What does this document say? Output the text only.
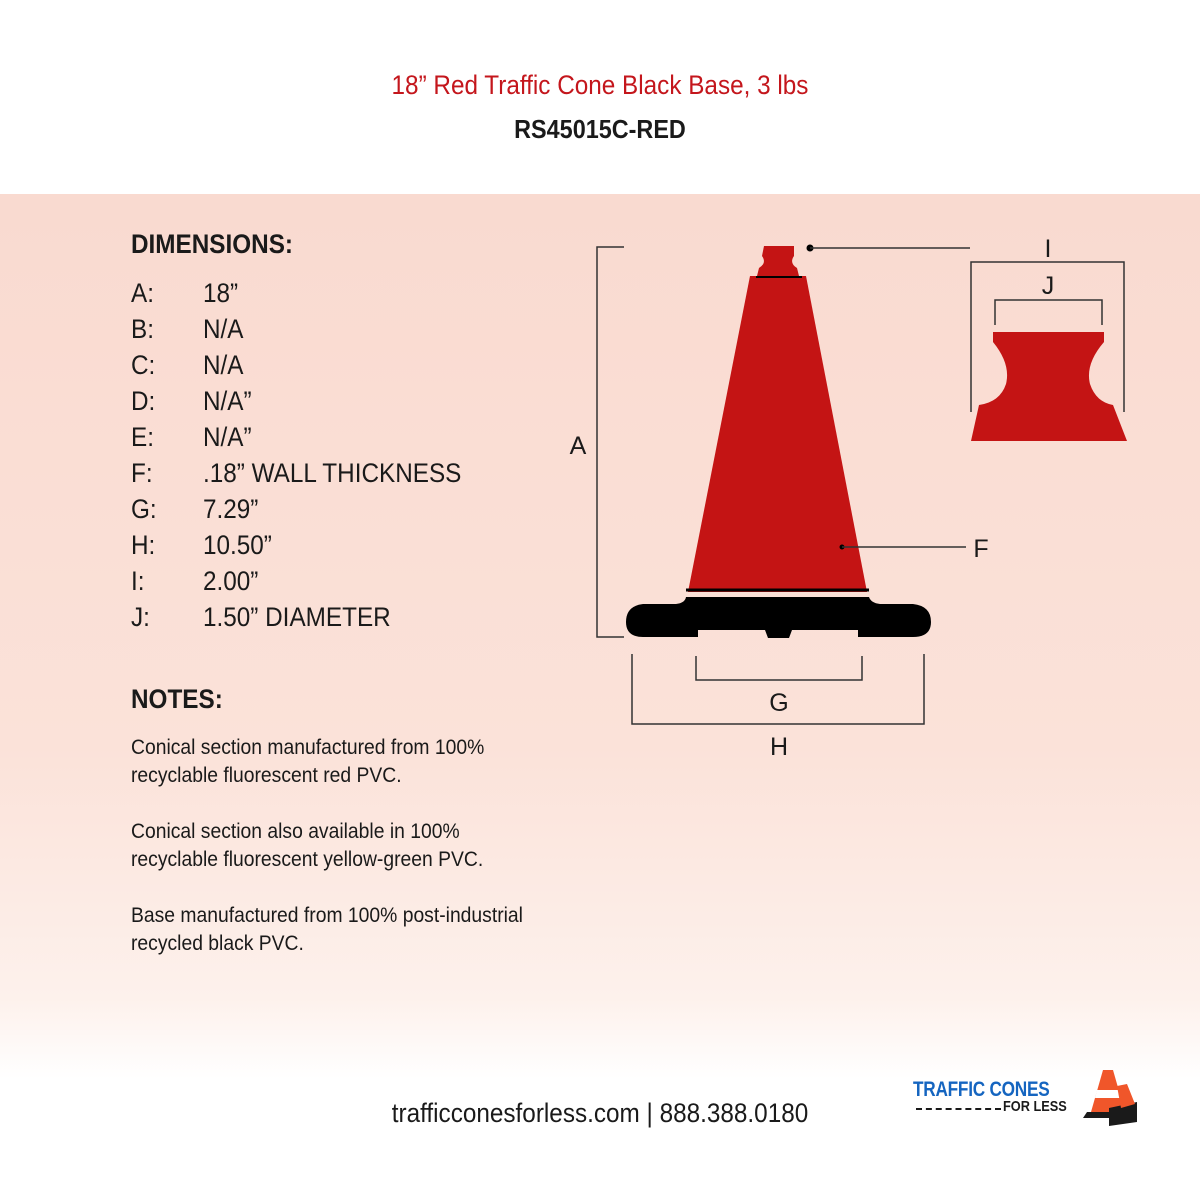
18” Red Traffic Cone Black Base, 3 lbs
RS45015C-RED
DIMENSIONS:
A: 18”
B: N/A
C: N/A
D: N/A”
E: N/A”
F: .18” WALL THICKNESS
G: 7.29”
H: 10.50”
I: 2.00”
J: 1.50” DIAMETER
NOTES:
Conical section manufactured from 100% recyclable fluorescent red PVC.
Conical section also available in 100% recyclable fluorescent yellow-green PVC.
Base manufactured from 100% post-industrial recycled black PVC.
A
I
J
F
G
H
trafficconesforless.com | 888.388.0180
TRAFFIC CONES
FOR LESS
